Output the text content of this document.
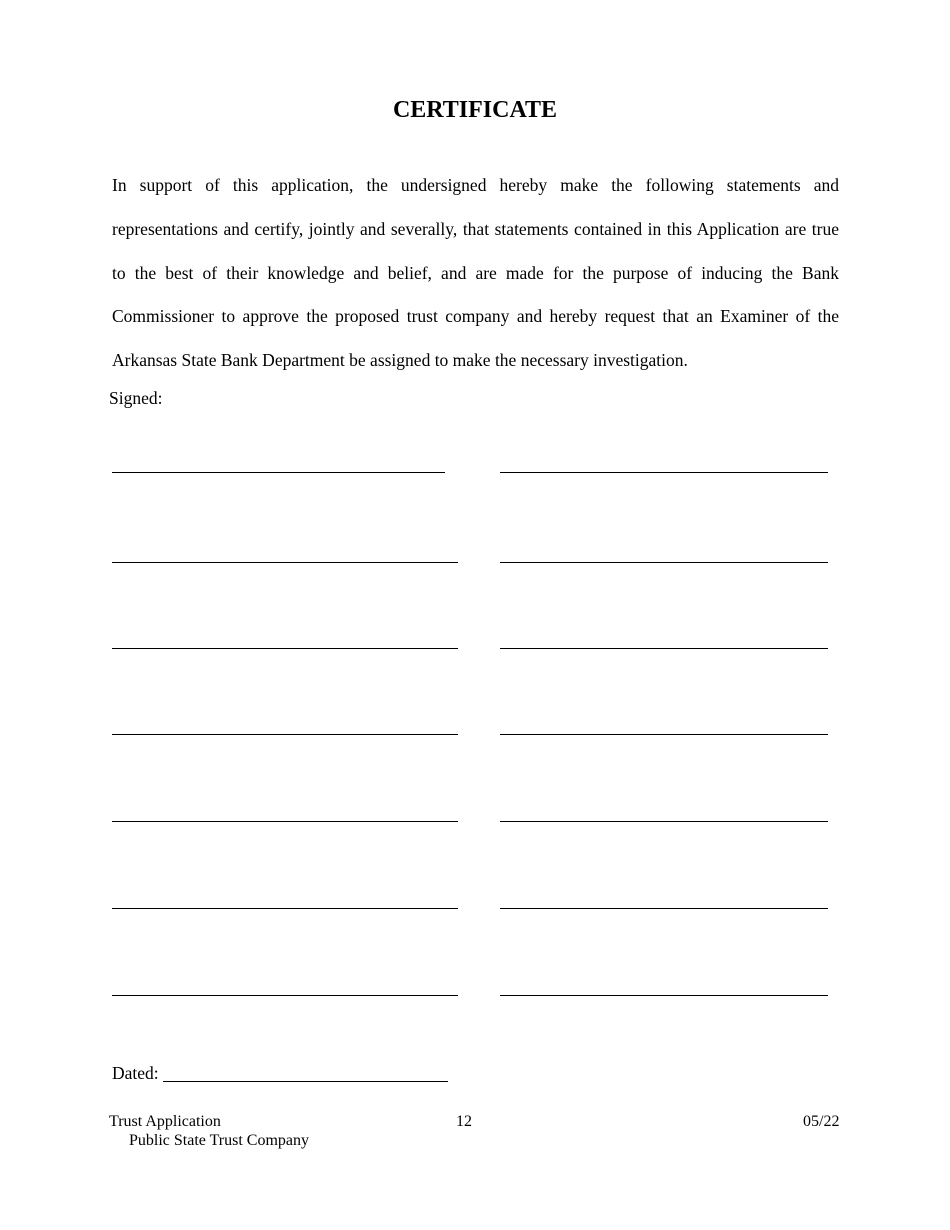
CERTIFICATE

In support of this application, the undersigned hereby make the following statements and representations and certify, jointly and severally, that statements contained in this Application are true to the best of their knowledge and belief, and are made for the purpose of inducing the Bank Commissioner to approve the proposed trust company and hereby request that an Examiner of the Arkansas State Bank Department be assigned to make the necessary investigation.

Signed:
Dated:
Trust Application
Public State Trust Company
12	05/22
